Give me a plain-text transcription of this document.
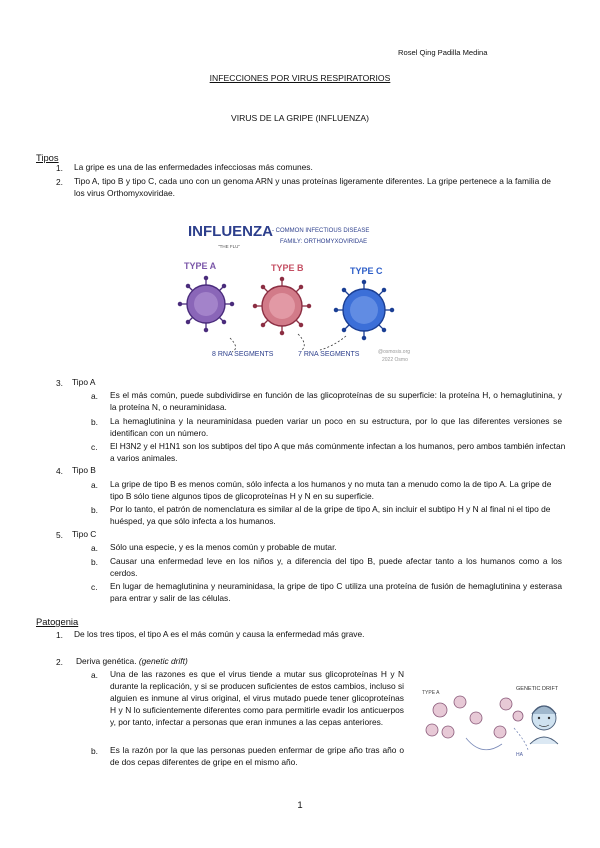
Rosel Qing Padilla Medina
INFECCIONES POR VIRUS RESPIRATORIOS
VIRUS DE LA GRIPE (INFLUENZA)
Tipos
1. La gripe es una de las enfermedades infecciosas más comunes.
2. Tipo A, tipo B y tipo C, cada uno con un genoma ARN y unas proteínas ligeramente diferentes. La gripe pertenece a la familia de los virus Orthomyxoviridae.
INFLUENZA - COMMON INFECTIOUS DISEASE
FAMILY: ORTHOMYXOVIRIDAE
"THE FLU"
TYPE A	TYPE B	TYPE C
8 RNA SEGMENTS	7 RNA SEGMENTS	@osmosis.org
2022 Osmo
3. Tipo A
a. Es el más común, puede subdividirse en función de las glicoproteínas de su superficie: la proteína H, o hemaglutinina, y la proteína N, o neuraminidasa.
b. La hemaglutinina y la neuraminidasa pueden variar un poco en su estructura, por lo que las diferentes versiones se identifican con un número.
c. El H3N2 y el H1N1 son los subtipos del tipo A que más comúnmente infectan a los humanos, pero ambos también infectan a varios animales.
4. Tipo B
a. La gripe de tipo B es menos común, sólo infecta a los humanos y no muta tan a menudo como la de tipo A. La gripe de tipo B sólo tiene algunos tipos de glicoproteínas H y N en su superficie.
b. Por lo tanto, el patrón de nomenclatura es similar al de la gripe de tipo A, sin incluir el subtipo H y N al final ni el tipo de huésped, ya que sólo infecta a los humanos.
5. Tipo C
a. Sólo una especie, y es la menos común y probable de mutar.
b. Causar una enfermedad leve en los niños y, a diferencia del tipo B, puede afectar tanto a los humanos como a los cerdos.
c. En lugar de hemaglutinina y neuraminidasa, la gripe de tipo C utiliza una proteína de fusión de hemaglutinina y esterasa para entrar y salir de las células.
Patogenia
1. De los tres tipos, el tipo A es el más común y causa la enfermedad más grave.
2. Deriva genética. (genetic drift)
a. Una de las razones es que el virus tiende a mutar sus glicoproteínas H y N durante la replicación, y si se producen suficientes de estos cambios, incluso si alguien es inmune al virus original, el virus mutado puede tener glicoproteínas H y N lo suficientemente diferentes como para permitirle evadir los anticuerpos y, por tanto, infectar a personas que eran inmunes a las cepas anteriores.
b. Es la razón por la que las personas pueden enfermar de gripe año tras año o de dos cepas diferentes de gripe en el mismo año.
TYPE A
GENETIC DRIFT
HA
1
